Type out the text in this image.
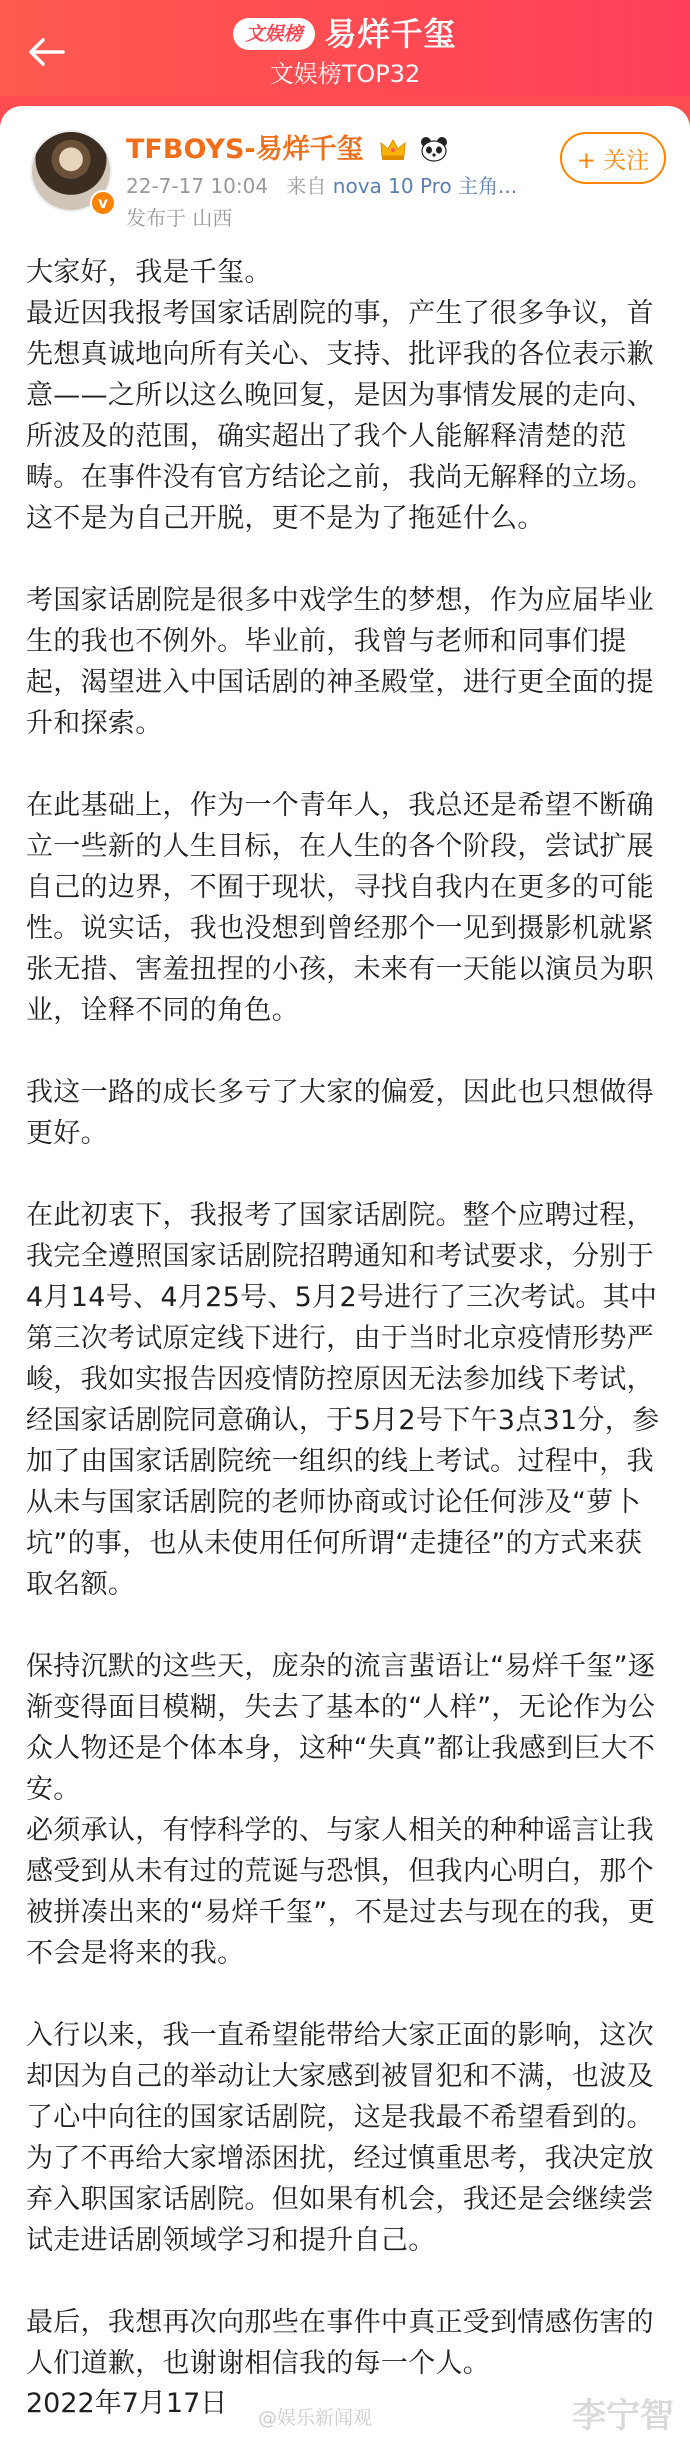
文娱榜 易烊千玺
文娱榜TOP32
v
TFBOYS-易烊千玺
22-7-17 10:04 来自 nova 10 Pro 主角...
发布于 山西
+ 关注

大家好，我是千玺。

最近因我报考国家话剧院的事，产生了很多争议，首先想真诚地向所有关心、支持、批评我的各位表示歉意——之所以这么晚回复，是因为事情发展的走向、所波及的范围，确实超出了我个人能解释清楚的范畴。在事件没有官方结论之前，我尚无解释的立场。这不是为自己开脱，更不是为了拖延什么。

考国家话剧院是很多中戏学生的梦想，作为应届毕业生的我也不例外。毕业前，我曾与老师和同事们提起，渴望进入中国话剧的神圣殿堂，进行更全面的提升和探索。

在此基础上，作为一个青年人，我总还是希望不断确立一些新的人生目标，在人生的各个阶段，尝试扩展自己的边界，不囿于现状，寻找自我内在更多的可能性。说实话，我也没想到曾经那个一见到摄影机就紧张无措、害羞扭捏的小孩，未来有一天能以演员为职业，诠释不同的角色。

我这一路的成长多亏了大家的偏爱，因此也只想做得更好。

在此初衷下，我报考了国家话剧院。整个应聘过程，我完全遵照国家话剧院招聘通知和考试要求，分别于4月14号、4月25号、5月2号进行了三次考试。其中第三次考试原定线下进行，由于当时北京疫情形势严峻，我如实报告因疫情防控原因无法参加线下考试，经国家话剧院同意确认，于5月2号下午3点31分，参加了由国家话剧院统一组织的线上考试。过程中，我从未与国家话剧院的老师协商或讨论任何涉及“萝卜坑”的事，也从未使用任何所谓“走捷径”的方式来获取名额。

保持沉默的这些天，庞杂的流言蜚语让“易烊千玺”逐渐变得面目模糊，失去了基本的“人样”，无论作为公众人物还是个体本身，这种“失真”都让我感到巨大不安。

必须承认，有悖科学的、与家人相关的种种谣言让我感受到从未有过的荒诞与恐惧，但我内心明白，那个被拼凑出来的“易烊千玺”，不是过去与现在的我，更不会是将来的我。

入行以来，我一直希望能带给大家正面的影响，这次却因为自己的举动让大家感到被冒犯和不满，也波及了心中向往的国家话剧院，这是我最不希望看到的。

为了不再给大家增添困扰，经过慎重思考，我决定放弃入职国家话剧院。但如果有机会，我还是会继续尝试走进话剧领域学习和提升自己。

最后，我想再次向那些在事件中真正受到情感伤害的人们道歉，也谢谢相信我的每一个人。

2022年7月17日 @娱乐新闻观	李宁智
